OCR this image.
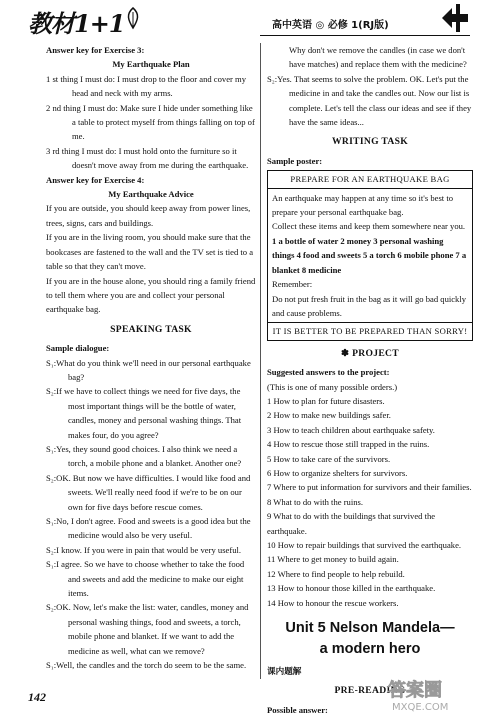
教材1+1	高中英语 ◎ 必修 1(RJ版)

Answer key for Exercise 3:

My Earthquake Plan

1 st thing I must do: I must drop to the floor and cover my head and neck with my arms.

2 nd thing I must do: Make sure I hide under something like a table to protect myself from things falling on top of me.

3 rd thing I must do: I must hold onto the furniture so it doesn't move away from me during the earthquake.

Answer key for Exercise 4:

My Earthquake Advice

If you are outside, you should keep away from power lines, trees, signs, cars and buildings.

If you are in the living room, you should make sure that the bookcases are fastened to the wall and the TV set is tied to a table so that they can't move.

If you are in the house alone, you should ring a family friend to tell them where you are and collect your personal earthquake bag.

SPEAKING TASK

Sample dialogue:

S₁:What do you think we'll need in our personal earthquake bag?

S₂:If we have to collect things we need for five days, the most important things will be the bottle of water, candles, money and personal washing things. That makes four, do you agree?

S₁:Yes, they sound good choices. I also think we need a torch, a mobile phone and a blanket. Another one?

S₂:OK. But now we have difficulties. I would like food and sweets. We'll really need food if we're to be on our own for five days before rescue comes.

S₁:No, I don't agree. Food and sweets is a good idea but the medicine would also be very useful.

S₂:I know. If you were in pain that would be very useful.

S₁:I agree. So we have to choose whether to take the food and sweets and add the medicine to make our eight items.

S₂:OK. Now, let's make the list: water, candles, money and personal washing things, food and sweets, a torch, mobile phone and blanket. If we want to add the medicine as well, what can we remove?

S₁:Well, the candles and the torch do seem to be the same.

Why don't we remove the candles (in case we don't have matches) and replace them with the medicine?

S₂:Yes. That seems to solve the problem. OK. Let's put the medicine in and take the candles out. Now our list is complete. Let's tell the class our ideas and see if they have the same ideas...

WRITING TASK

Sample poster:

PREPARE FOR AN EARTHQUAKE BAG

An earthquake may happen at any time so it's best to prepare your personal earthquake bag.

Collect these items and keep them somewhere near you.

1 a bottle of water 2 money 3 personal washing things 4 food and sweets 5 a torch 6 mobile phone 7 a blanket 8 medicine

Remember:

Do not put fresh fruit in the bag as it will go bad quickly and cause problems.

IT IS BETTER TO BE PREPARED THAN SORRY!

✽ PROJECT

Suggested answers to the project:

(This is one of many possible orders.)

1 How to plan for future disasters.

2 How to make new buildings safer.

3 How to teach children about earthquake safety.

4 How to rescue those still trapped in the ruins.

5 How to take care of the survivors.

6 How to organize shelters for survivors.

7 Where to put information for survivors and their families.

8 What to do with the ruins.

9 What to do with the buildings that survived the earthquake.

10 How to repair buildings that survived the earthquake.

11 Where to get money to build again.

12 Where to find people to help rebuild.

13 How to honour those killed in the earthquake.

14 How to honour the rescue workers.

Unit 5 Nelson Mandela—
a modern hero

课内题解

PRE-READING

Possible answer:

142	答案圈
MXQE.COM
